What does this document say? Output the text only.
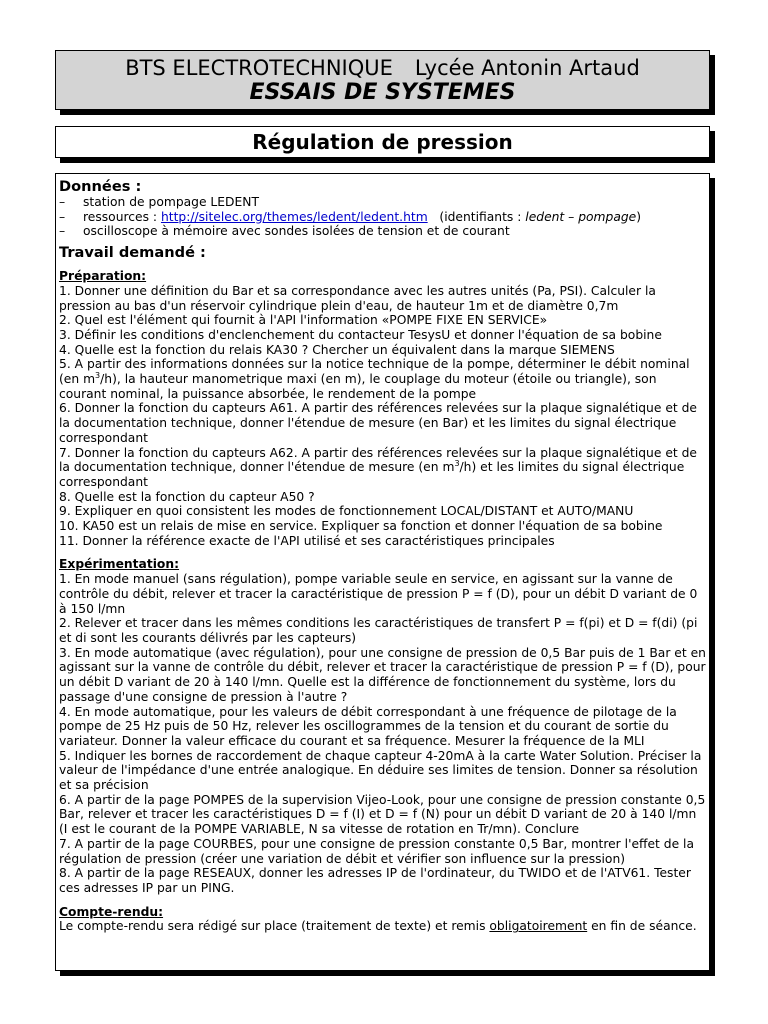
BTS ELECTROTECHNIQUE Lycée Antonin Artaud
ESSAIS DE SYSTEMES
Régulation de pression

Données :

–	station de pompage LEDENT
–	ressources : http://sitelec.org/themes/ledent/ledent.htm   (identifiants : ledent – pompage)
–	oscilloscope à mémoire avec sondes isolées de tension et de courant

Travail demandé :

Préparation:

1. Donner une définition du Bar et sa correspondance avec les autres unités (Pa, PSI). Calculer la pression au bas d'un réservoir cylindrique plein d'eau, de hauteur 1m et de diamètre 0,7m

2. Quel est l'élément qui fournit à l'API l'information «POMPE FIXE EN SERVICE»

3. Définir les conditions d'enclenchement du contacteur TesysU et donner l'équation de sa bobine

4. Quelle est la fonction du relais KA30 ? Chercher un équivalent dans la marque SIEMENS

5. A partir des informations données sur la notice technique de la pompe, déterminer le débit nominal (en $m^3/h$), la hauteur manometrique maxi (en m), le couplage du moteur (étoile ou triangle), son courant nominal, la puissance absorbée, le rendement de la pompe

6. Donner la fonction du capteurs A61. A partir des références relevées sur la plaque signalétique et de la documentation technique, donner l'étendue de mesure (en Bar) et les limites du signal électrique correspondant

7. Donner la fonction du capteurs A62. A partir des références relevées sur la plaque signalétique et de la documentation technique, donner l'étendue de mesure (en $m^3/h$) et les limites du signal électrique correspondant

8. Quelle est la fonction du capteur A50 ?

9. Expliquer en quoi consistent les modes de fonctionnement LOCAL/DISTANT et AUTO/MANU

10. KA50 est un relais de mise en service. Expliquer sa fonction et donner l'équation de sa bobine

11. Donner la référence exacte de l'API utilisé et ses caractéristiques principales

Expérimentation:

1. En mode manuel (sans régulation), pompe variable seule en service, en agissant sur la vanne de contrôle du débit, relever et tracer la caractéristique de pression P = f (D), pour un débit D variant de 0 à 150 l/mn

2. Relever et tracer dans les mêmes conditions les caractéristiques de transfert P = f(pi) et D = f(di) (pi et di sont les courants délivrés par les capteurs)

3. En mode automatique (avec régulation), pour une consigne de pression de 0,5 Bar puis de 1 Bar et en agissant sur la vanne de contrôle du débit, relever et tracer la caractéristique de pression P = f (D), pour un débit D variant de 20 à 140 l/mn. Quelle est la différence de fonctionnement du système, lors du passage d'une consigne de pression à l'autre ?

4. En mode automatique, pour les valeurs de débit correspondant à une fréquence de pilotage de la pompe de 25 Hz puis de 50 Hz, relever les oscillogrammes de la tension et du courant de sortie du variateur. Donner la valeur efficace du courant et sa fréquence. Mesurer la fréquence de la MLI

5. Indiquer les bornes de raccordement de chaque capteur 4-20mA à la carte Water Solution. Préciser la valeur de l'impédance d'une entrée analogique. En déduire ses limites de tension. Donner sa résolution et sa précision

6. A partir de la page POMPES de la supervision Vijeo-Look, pour une consigne de pression constante 0,5 Bar, relever et tracer les caractéristiques D = f (I) et D = f (N) pour un débit D variant de 20 à 140 l/mn (I est le courant de la POMPE VARIABLE, N sa vitesse de rotation en Tr/mn). Conclure

7. A partir de la page COURBES, pour une consigne de pression constante 0,5 Bar, montrer l'effet de la régulation de pression (créer une variation de débit et vérifier son influence sur la pression)

8. A partir de la page RESEAUX, donner les adresses IP de l'ordinateur, du TWIDO et de l'ATV61. Tester ces adresses IP par un PING.

Compte-rendu:

Le compte-rendu sera rédigé sur place (traitement de texte) et remis obligatoirement en fin de séance.
